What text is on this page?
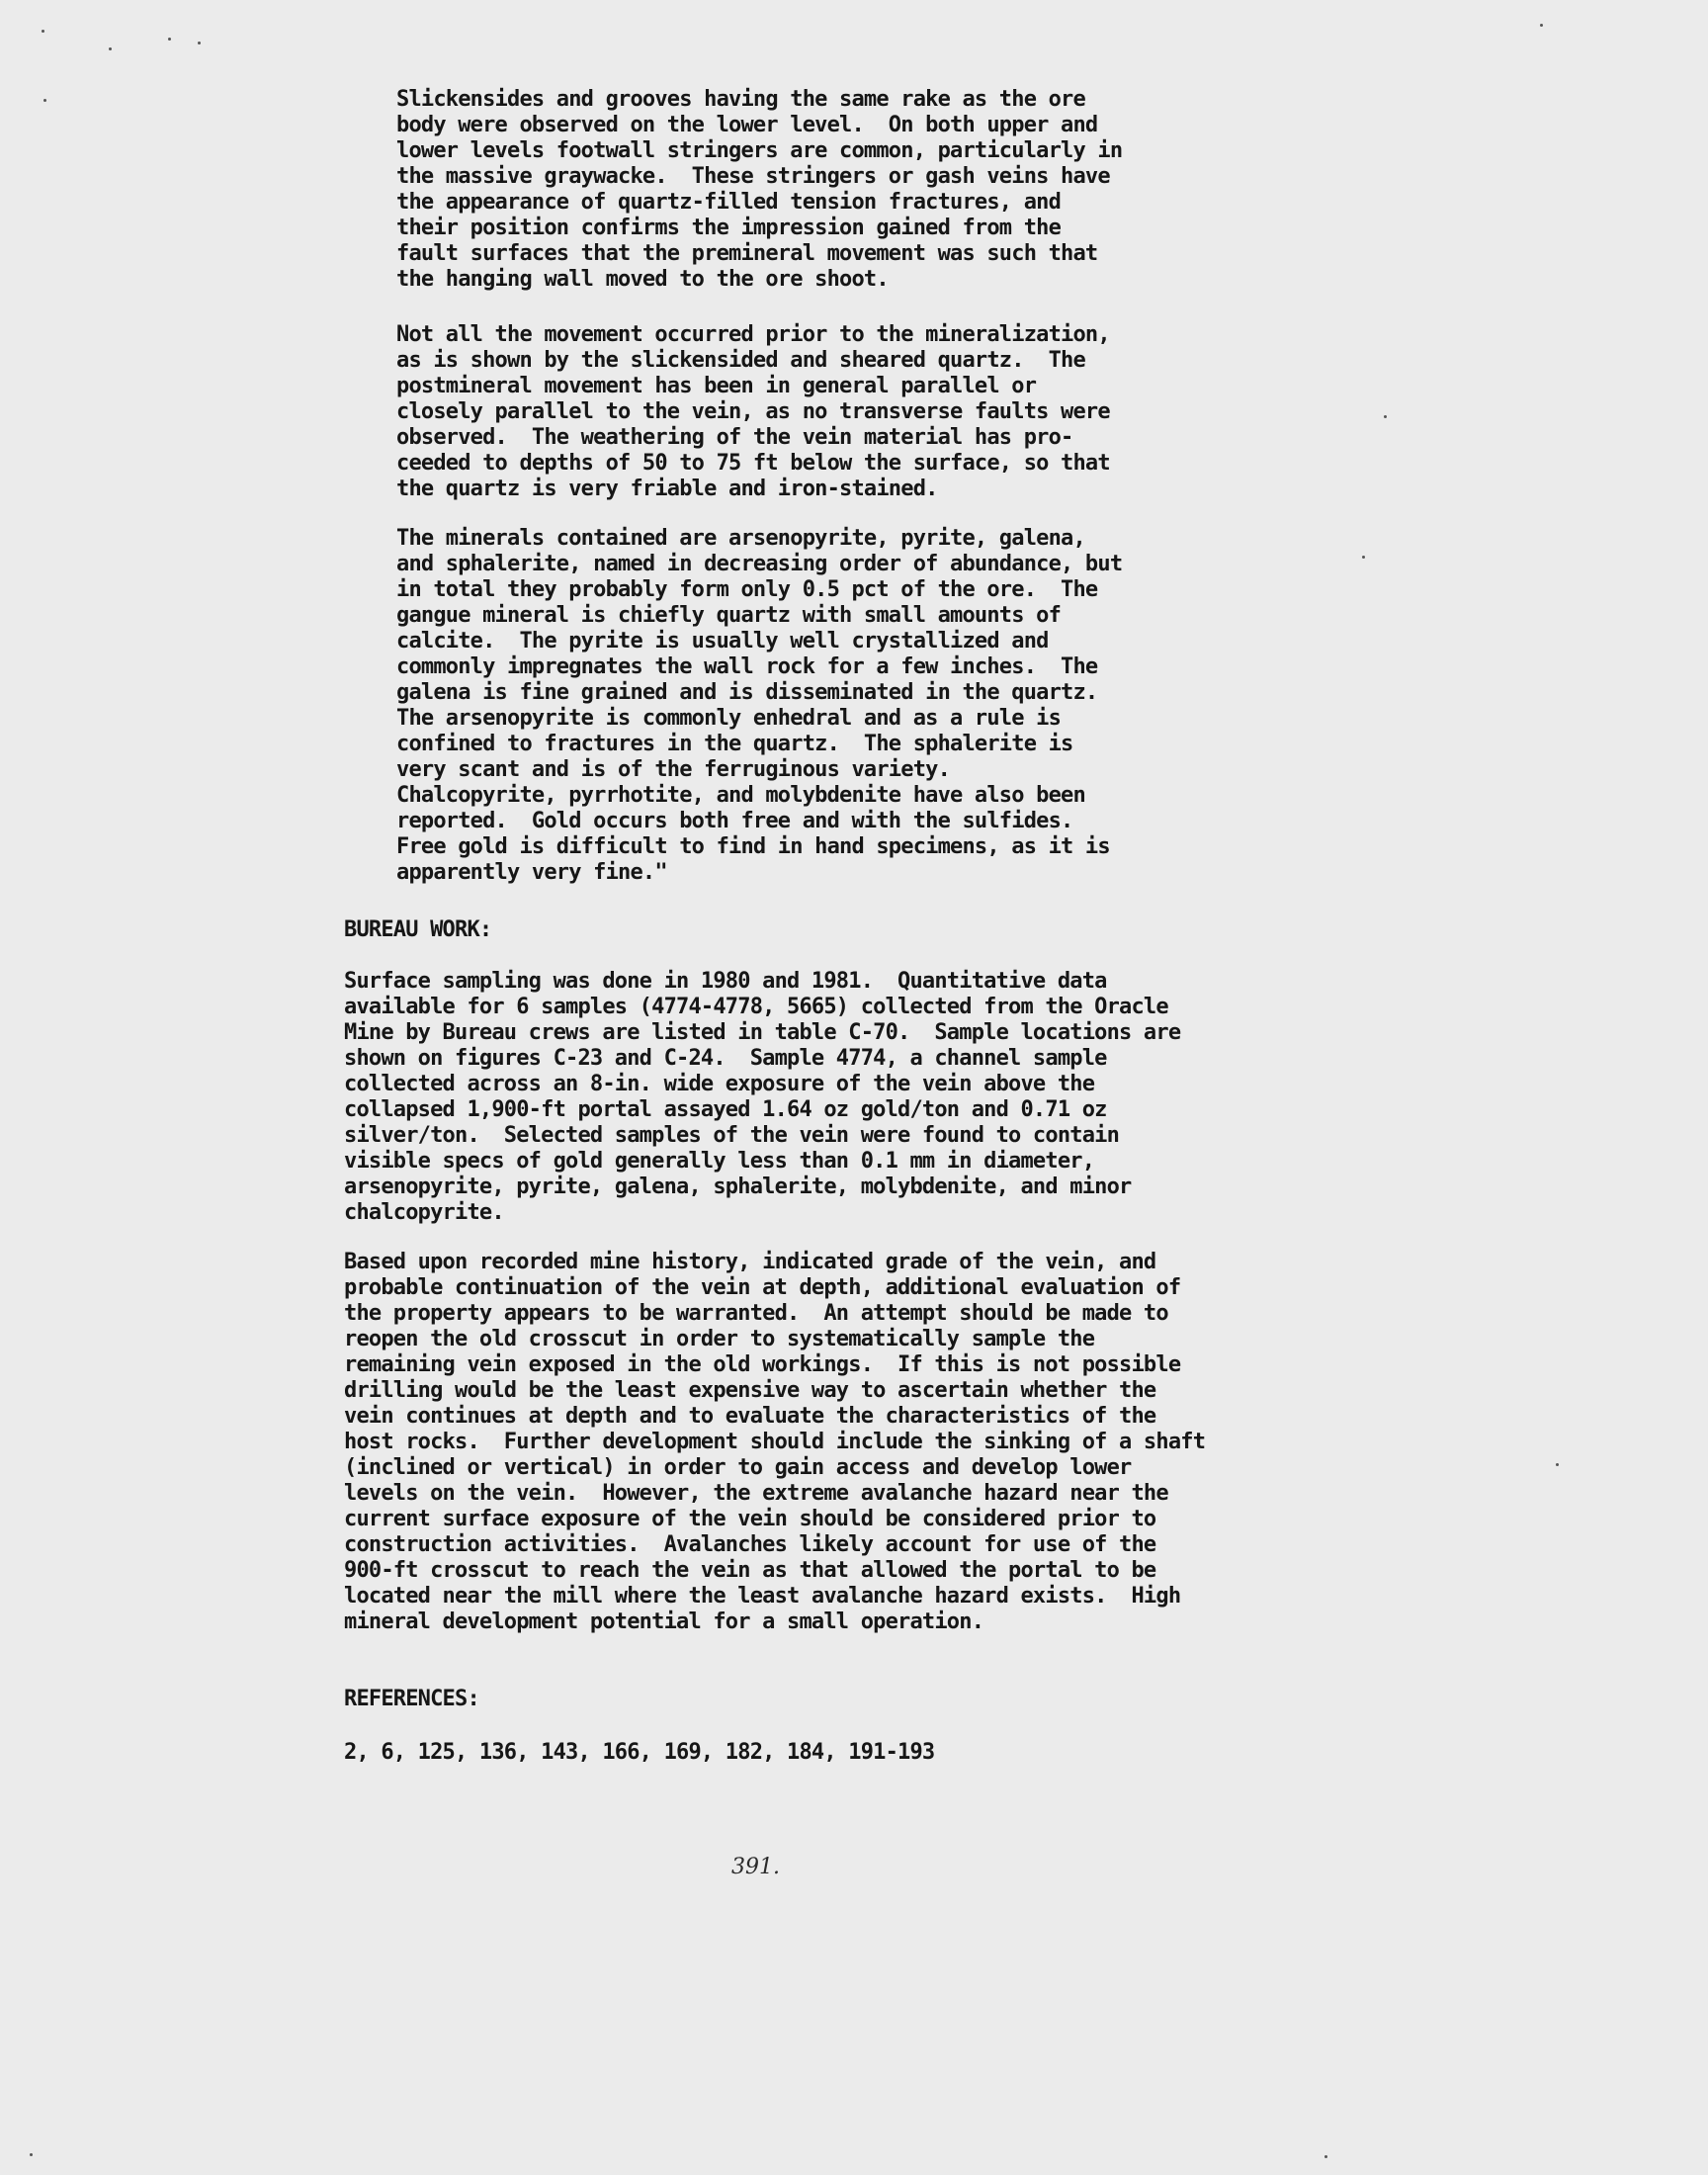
Slickensides and grooves having the same rake as the ore
body were observed on the lower level.  On both upper and
lower levels footwall stringers are common, particularly in
the massive graywacke.  These stringers or gash veins have
the appearance of quartz-filled tension fractures, and
their position confirms the impression gained from the
fault surfaces that the premineral movement was such that
the hanging wall moved to the ore shoot.

Not all the movement occurred prior to the mineralization,
as is shown by the slickensided and sheared quartz.  The
postmineral movement has been in general parallel or
closely parallel to the vein, as no transverse faults were
observed.  The weathering of the vein material has pro-
ceeded to depths of 50 to 75 ft below the surface, so that
the quartz is very friable and iron-stained.

The minerals contained are arsenopyrite, pyrite, galena,
and sphalerite, named in decreasing order of abundance, but
in total they probably form only 0.5 pct of the ore.  The
gangue mineral is chiefly quartz with small amounts of
calcite.  The pyrite is usually well crystallized and
commonly impregnates the wall rock for a few inches.  The
galena is fine grained and is disseminated in the quartz.
The arsenopyrite is commonly enhedral and as a rule is
confined to fractures in the quartz.  The sphalerite is
very scant and is of the ferruginous variety.
Chalcopyrite, pyrrhotite, and molybdenite have also been
reported.  Gold occurs both free and with the sulfides.
Free gold is difficult to find in hand specimens, as it is
apparently very fine."

BUREAU WORK:

Surface sampling was done in 1980 and 1981.  Quantitative data
available for 6 samples (4774-4778, 5665) collected from the Oracle
Mine by Bureau crews are listed in table C-70.  Sample locations are
shown on figures C-23 and C-24.  Sample 4774, a channel sample
collected across an 8-in. wide exposure of the vein above the
collapsed 1,900-ft portal assayed 1.64 oz gold/ton and 0.71 oz
silver/ton.  Selected samples of the vein were found to contain
visible specs of gold generally less than 0.1 mm in diameter,
arsenopyrite, pyrite, galena, sphalerite, molybdenite, and minor
chalcopyrite.

Based upon recorded mine history, indicated grade of the vein, and
probable continuation of the vein at depth, additional evaluation of
the property appears to be warranted.  An attempt should be made to
reopen the old crosscut in order to systematically sample the
remaining vein exposed in the old workings.  If this is not possible
drilling would be the least expensive way to ascertain whether the
vein continues at depth and to evaluate the characteristics of the
host rocks.  Further development should include the sinking of a shaft
(inclined or vertical) in order to gain access and develop lower
levels on the vein.  However, the extreme avalanche hazard near the
current surface exposure of the vein should be considered prior to
construction activities.  Avalanches likely account for use of the
900-ft crosscut to reach the vein as that allowed the portal to be
located near the mill where the least avalanche hazard exists.  High
mineral development potential for a small operation.

REFERENCES:

2, 6, 125, 136, 143, 166, 169, 182, 184, 191-193

391.
